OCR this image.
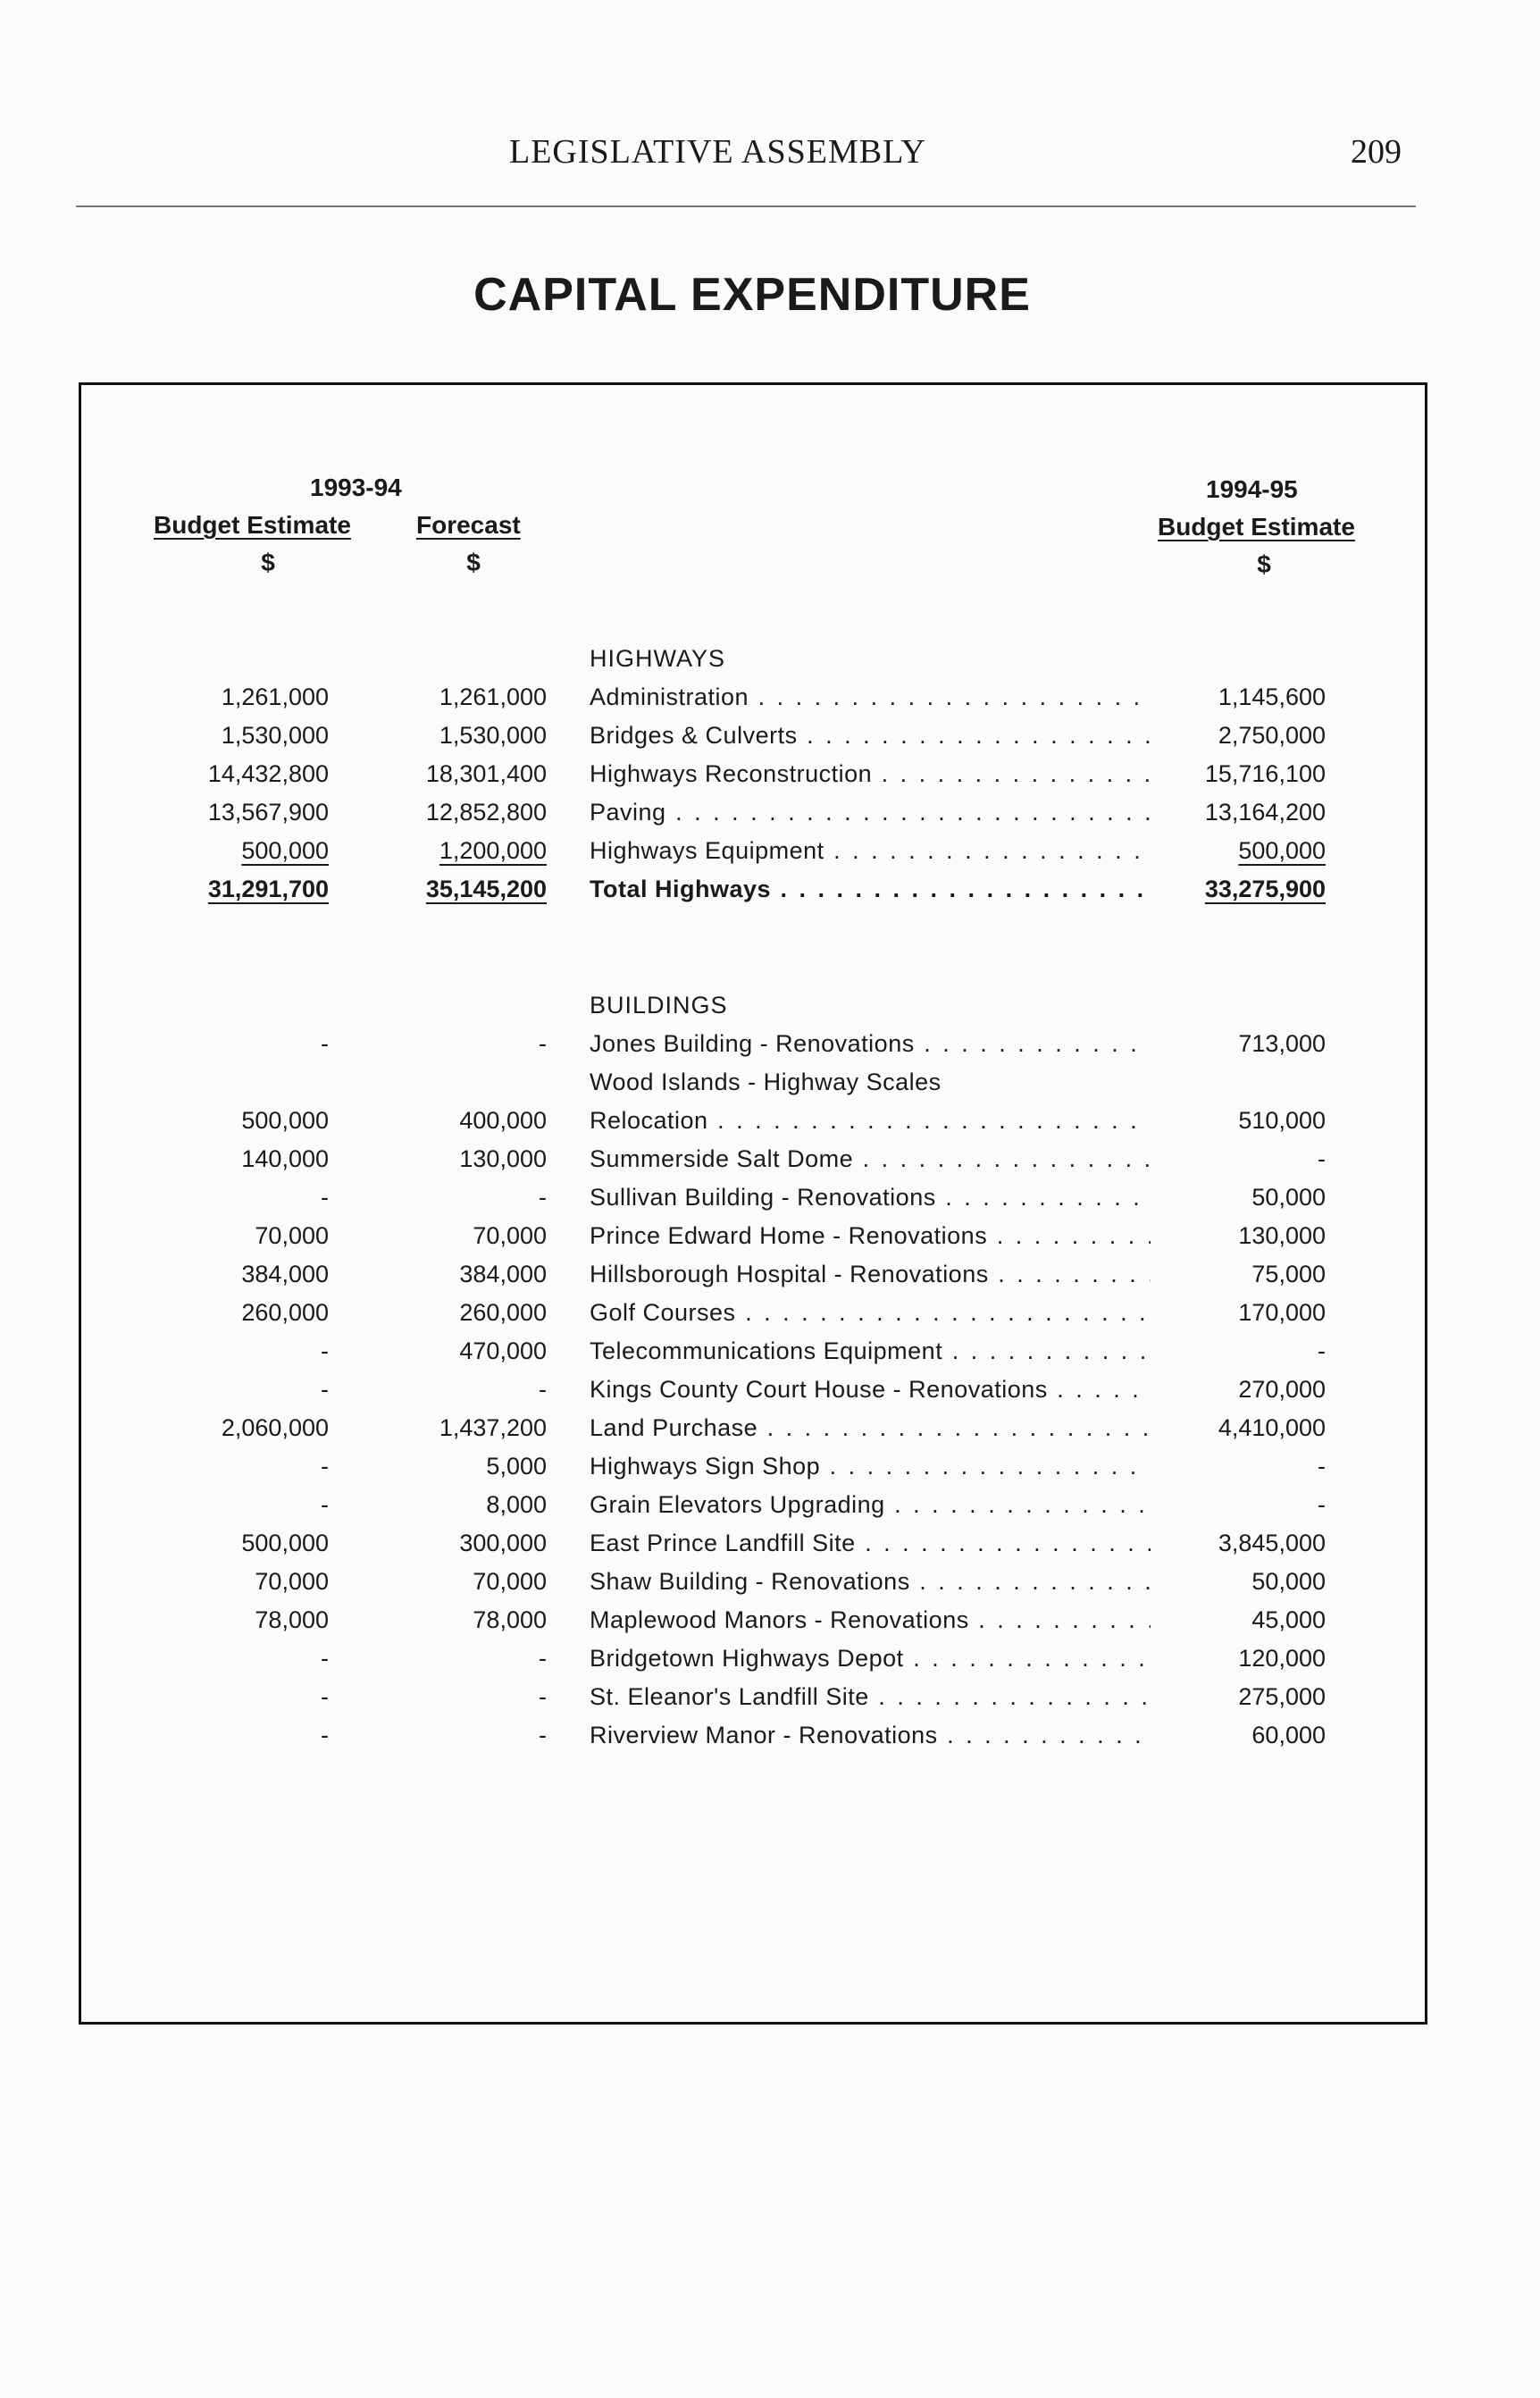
LEGISLATIVE ASSEMBLY	209
CAPITAL EXPENDITURE
1993-94	1994-95
Budget Estimate	Forecast	Budget Estimate
$	$	$
HIGHWAYS
1,261,000	1,261,000 Administration . . .	1,145,600
1,530,000	1,530,000 Bridges & Culverts . . .	2,750,000
14,432,800	18,301,400 Highways Reconstruction . . .	15,716,100
13,567,900	12,852,800 Paving . . .	13,164,200
500,000	1,200,000 Highways Equipment . . .	500,000
31,291,700	35,145,200 Total Highways . . .	33,275,900
BUILDINGS
-	- Jones Building - Renovations . . .	713,000
Wood Islands - Highway Scales
500,000	400,000 Relocation . . .	510,000
140,000	130,000 Summerside Salt Dome . . .	-
-	- Sullivan Building - Renovations . . .	50,000
70,000	70,000 Prince Edward Home - Renovations . . .	130,000
384,000	384,000 Hillsborough Hospital - Renovations . . .	75,000
260,000	260,000 Golf Courses . . .	170,000
-	470,000 Telecommunications Equipment . . .	-
-	- Kings County Court House - Renovations . . .	270,000
2,060,000	1,437,200 Land Purchase . . .	4,410,000
-	5,000 Highways Sign Shop . . .	-
-	8,000 Grain Elevators Upgrading . . .	-
500,000	300,000 East Prince Landfill Site . . .	3,845,000
70,000	70,000 Shaw Building - Renovations . . .	50,000
78,000	78,000 Maplewood Manors - Renovations . . .	45,000
-	- Bridgetown Highways Depot . . .	120,000
-	- St. Eleanor's Landfill Site . . .	275,000
-	- Riverview Manor - Renovations . . .	60,000
